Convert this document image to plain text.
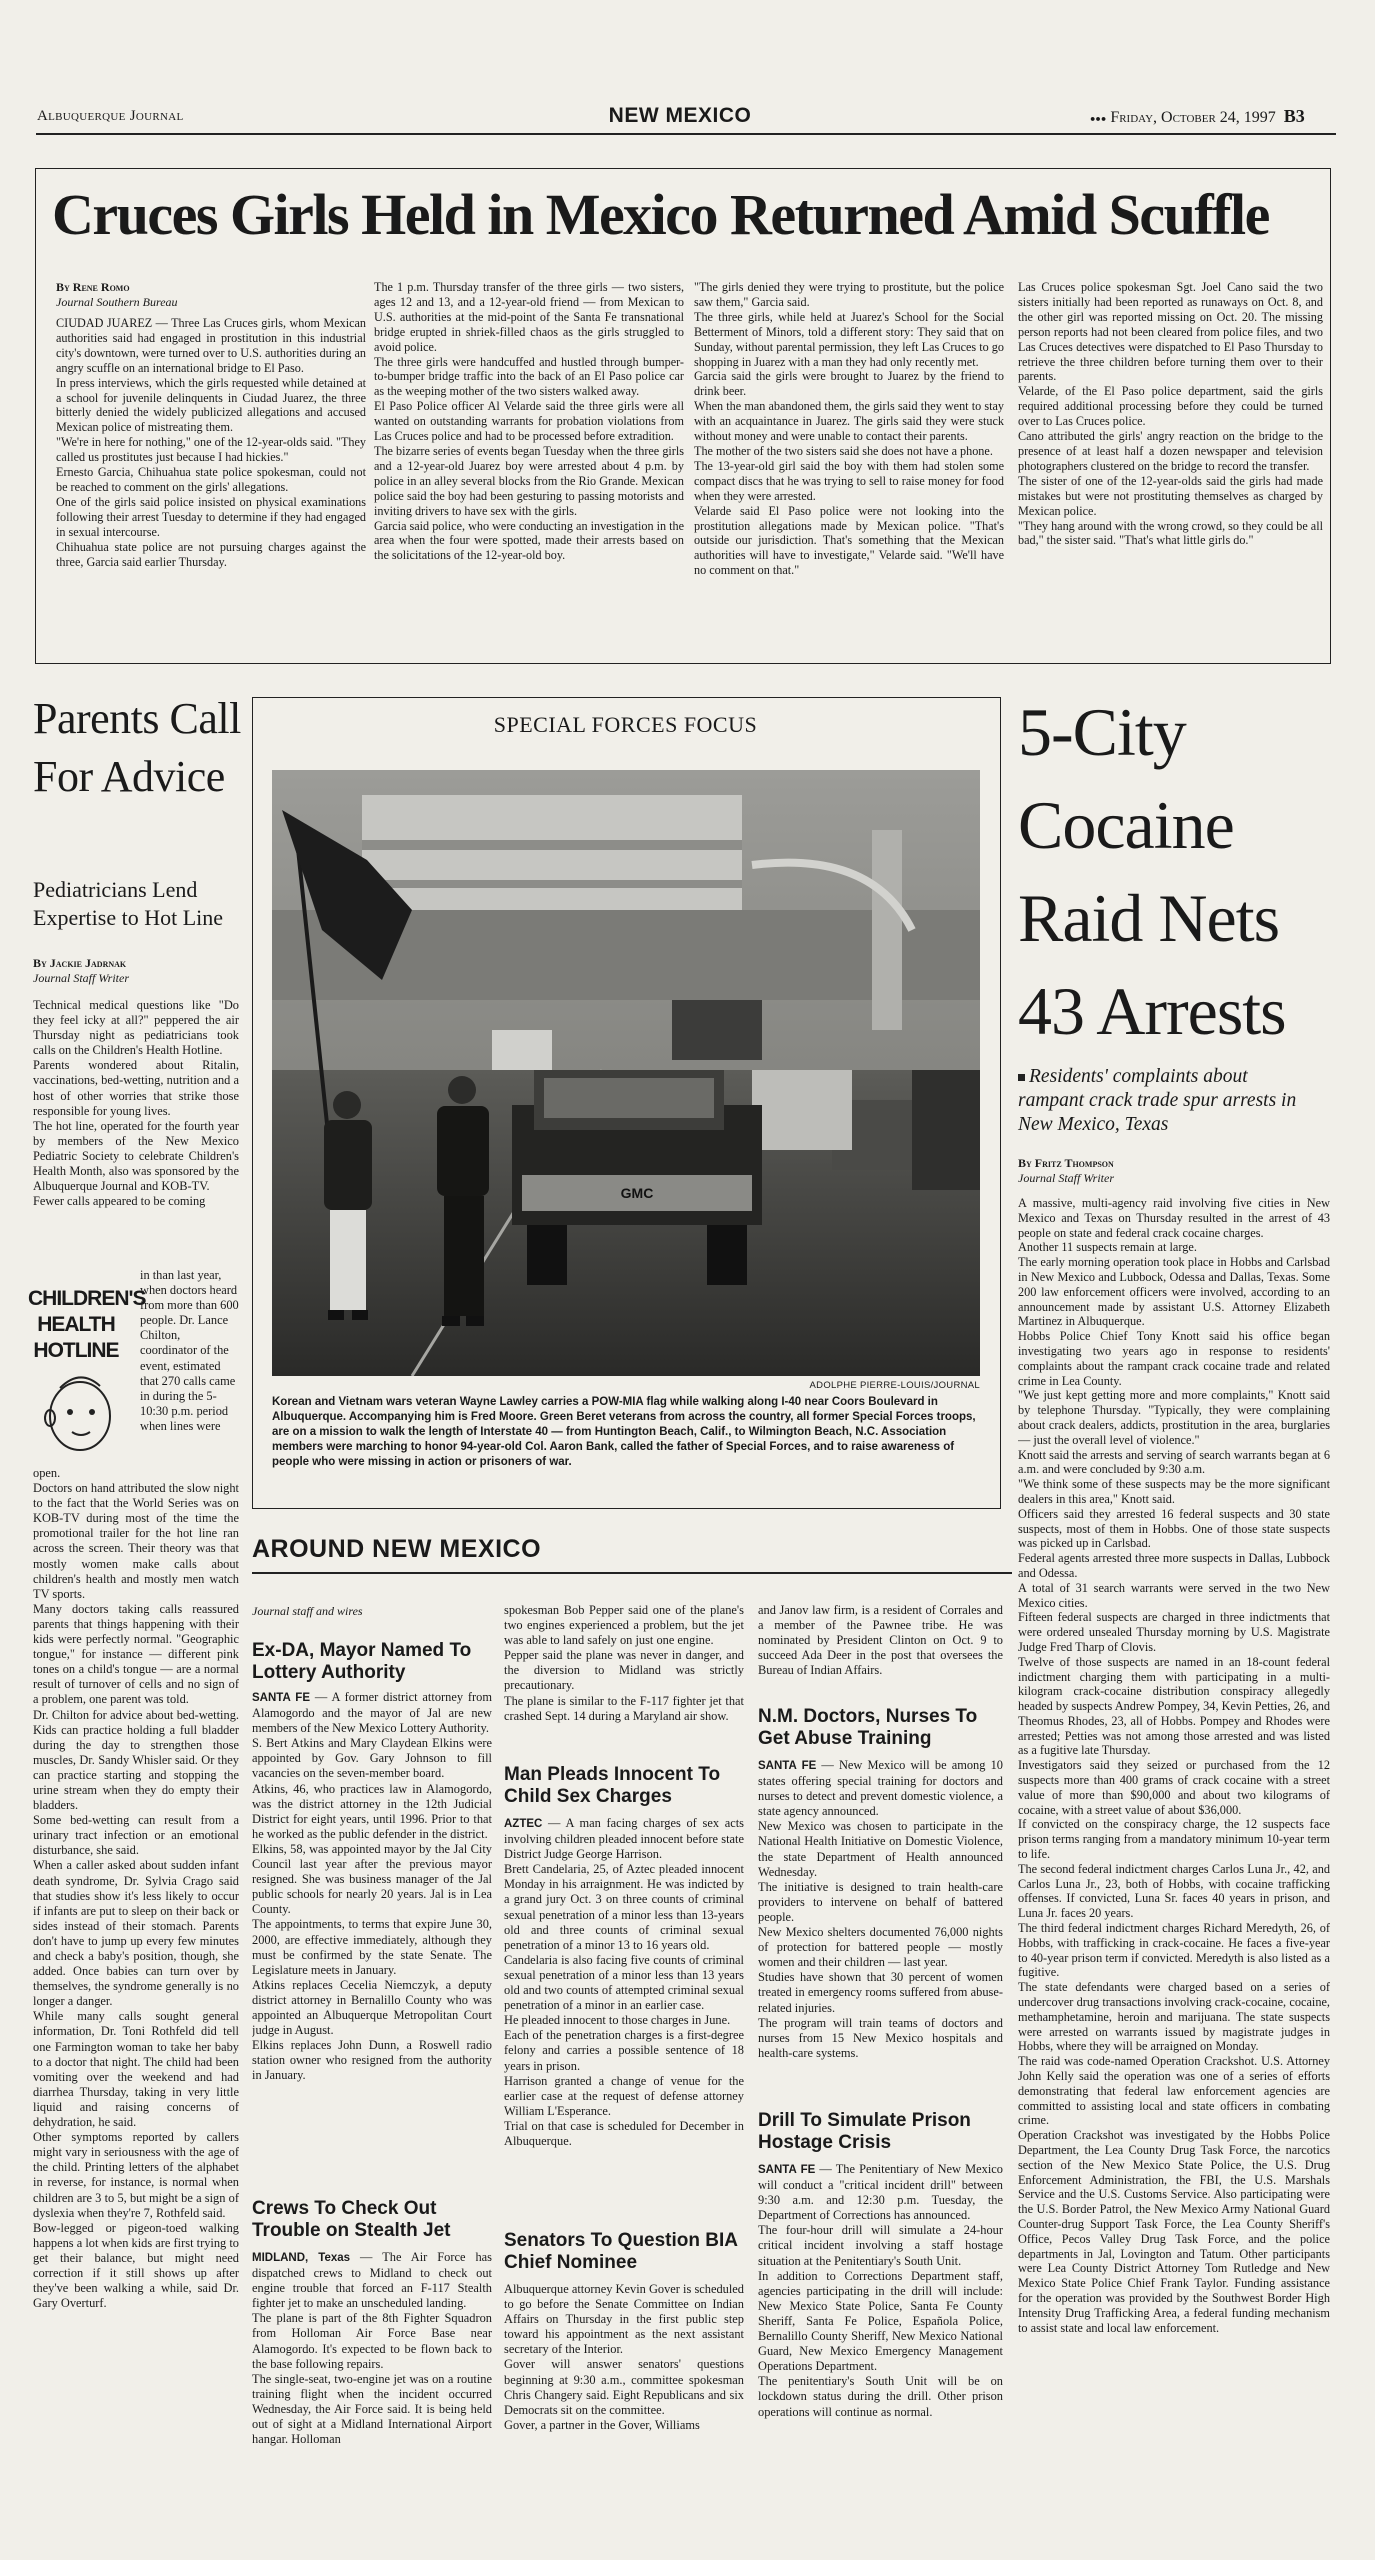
Albuquerque Journal	NEW MEXICO	●●● Friday, October 24, 1997 B3
Cruces Girls Held in Mexico Returned Amid Scuffle
By Rene Romo
Journal Southern Bureau
CIUDAD JUAREZ — Three Las Cruces girls, whom Mexican authorities said had engaged in prostitution in this industrial city's downtown, were turned over to U.S. authorities during an angry scuffle on an international bridge to El Paso.
In press interviews, which the girls requested while detained at a school for juvenile delinquents in Ciudad Juarez, the three bitterly denied the widely publicized allegations and accused Mexican police of mistreating them.
"We're in here for nothing," one of the 12-year-olds said. "They called us prostitutes just because I had hickies."
Ernesto Garcia, Chihuahua state police spokesman, could not be reached to comment on the girls' allegations.
One of the girls said police insisted on physical examinations following their arrest Tuesday to determine if they had engaged in sexual intercourse.
Chihuahua state police are not pursuing charges against the three, Garcia said earlier Thursday.
The 1 p.m. Thursday transfer of the three girls — two sisters, ages 12 and 13, and a 12-year-old friend — from Mexican to U.S. authorities at the mid-point of the Santa Fe transnational bridge erupted in shriek-filled chaos as the girls struggled to avoid police.
The three girls were handcuffed and hustled through bumper-to-bumper bridge traffic into the back of an El Paso police car as the weeping mother of the two sisters walked away.
El Paso Police officer Al Velarde said the three girls were all wanted on outstanding warrants for probation violations from Las Cruces police and had to be processed before extradition.
The bizarre series of events began Tuesday when the three girls and a 12-year-old Juarez boy were arrested about 4 p.m. by police in an alley several blocks from the Rio Grande. Mexican police said the boy had been gesturing to passing motorists and inviting drivers to have sex with the girls.
Garcia said police, who were conducting an investigation in the area when the four were spotted, made their arrests based on the solicitations of the 12-year-old boy.
"The girls denied they were trying to prostitute, but the police saw them," Garcia said.
The three girls, while held at Juarez's School for the Social Betterment of Minors, told a different story: They said that on Sunday, without parental permission, they left Las Cruces to go shopping in Juarez with a man they had only recently met.
Garcia said the girls were brought to Juarez by the friend to drink beer.
When the man abandoned them, the girls said they went to stay with an acquaintance in Juarez. The girls said they were stuck without money and were unable to contact their parents.
The mother of the two sisters said she does not have a phone.
The 13-year-old girl said the boy with them had stolen some compact discs that he was trying to sell to raise money for food when they were arrested.
Velarde said El Paso police were not looking into the prostitution allegations made by Mexican police. "That's outside our jurisdiction. That's something that the Mexican authorities will have to investigate," Velarde said. "We'll have no comment on that."
Las Cruces police spokesman Sgt. Joel Cano said the two sisters initially had been reported as runaways on Oct. 8, and the other girl was reported missing on Oct. 20. The missing person reports had not been cleared from police files, and two Las Cruces detectives were dispatched to El Paso Thursday to retrieve the three children before turning them over to their parents.
Velarde, of the El Paso police department, said the girls required additional processing before they could be turned over to Las Cruces police.
Cano attributed the girls' angry reaction on the bridge to the presence of at least half a dozen newspaper and television photographers clustered on the bridge to record the transfer.
The sister of one of the 12-year-olds said the girls had made mistakes but were not prostituting themselves as charged by Mexican police.
"They hang around with the wrong crowd, so they could be all bad," the sister said. "That's what little girls do."
Parents Call For Advice
Pediatricians Lend Expertise to Hot Line
By Jackie Jadrnak
Journal Staff Writer
Technical medical questions like "Do they feel icky at all?" peppered the air Thursday night as pediatricians took calls on the Children's Health Hotline.
Parents wondered about Ritalin, vaccinations, bed-wetting, nutrition and a host of other worries that strike those responsible for young lives.
The hot line, operated for the fourth year by members of the New Mexico Pediatric Society to celebrate Children's Health Month, also was sponsored by the Albuquerque Journal and KOB-TV.
Fewer calls appeared to be coming
CHILDREN'S HEALTH HOTLINE
in than last year, when doctors heard from more than 600 people. Dr. Lance Chilton, coordinator of the event, estimated that 270 calls came in during the 5-10:30 p.m. period when lines were
open.
Doctors on hand attributed the slow night to the fact that the World Series was on KOB-TV during most of the time the promotional trailer for the hot line ran across the screen. Their theory was that mostly women make calls about children's health and mostly men watch TV sports.
Many doctors taking calls reassured parents that things happening with their kids were perfectly normal. "Geographic tongue," for instance — different pink tones on a child's tongue — are a normal result of turnover of cells and no sign of a problem, one parent was told.
Dr. Chilton for advice about bed-wetting. Kids can practice holding a full bladder during the day to strengthen those muscles, Dr. Sandy Whisler said. Or they can practice starting and stopping the urine stream when they do empty their bladders.
Some bed-wetting can result from a urinary tract infection or an emotional disturbance, she said.
When a caller asked about sudden infant death syndrome, Dr. Sylvia Crago said that studies show it's less likely to occur if infants are put to sleep on their back or sides instead of their stomach. Parents don't have to jump up every few minutes and check a baby's position, though, she added. Once babies can turn over by themselves, the syndrome generally is no longer a danger.
While many calls sought general information, Dr. Toni Rothfeld did tell one Farmington woman to take her baby to a doctor that night. The child had been vomiting over the weekend and had diarrhea Thursday, taking in very little liquid and raising concerns of dehydration, he said.
Other symptoms reported by callers might vary in seriousness with the age of the child. Printing letters of the alphabet in reverse, for instance, is normal when children are 3 to 5, but might be a sign of dyslexia when they're 7, Rothfeld said.
Bow-legged or pigeon-toed walking happens a lot when kids are first trying to get their balance, but might need correction if it still shows up after they've been walking a while, said Dr. Gary Overturf.
SPECIAL FORCES FOCUS
GMC
ADOLPHE PIERRE-LOUIS/JOURNAL
Korean and Vietnam wars veteran Wayne Lawley carries a POW-MIA flag while walking along I-40 near Coors Boulevard in Albuquerque. Accompanying him is Fred Moore. Green Beret veterans from across the country, all former Special Forces troops, are on a mission to walk the length of Interstate 40 — from Huntington Beach, Calif., to Wilmington Beach, N.C. Association members were marching to honor 94-year-old Col. Aaron Bank, called the father of Special Forces, and to raise awareness of people who were missing in action or prisoners of war.
AROUND NEW MEXICO
Journal staff and wires
Ex-DA, Mayor Named To Lottery Authority
SANTA FE — A former district attorney from Alamogordo and the mayor of Jal are new members of the New Mexico Lottery Authority.
S. Bert Atkins and Mary Claydean Elkins were appointed by Gov. Gary Johnson to fill vacancies on the seven-member board.
Atkins, 46, who practices law in Alamogordo, was the district attorney in the 12th Judicial District for eight years, until 1996. Prior to that he worked as the public defender in the district.
Elkins, 58, was appointed mayor by the Jal City Council last year after the previous mayor resigned. She was business manager of the Jal public schools for nearly 20 years. Jal is in Lea County.
The appointments, to terms that expire June 30, 2000, are effective immediately, although they must be confirmed by the state Senate. The Legislature meets in January.
Atkins replaces Cecelia Niemczyk, a deputy district attorney in Bernalillo County who was appointed an Albuquerque Metropolitan Court judge in August.
Elkins replaces John Dunn, a Roswell radio station owner who resigned from the authority in January.
Crews To Check Out Trouble on Stealth Jet
MIDLAND, Texas — The Air Force has dispatched crews to Midland to check out engine trouble that forced an F-117 Stealth fighter jet to make an unscheduled landing.
The plane is part of the 8th Fighter Squadron from Holloman Air Force Base near Alamogordo. It's expected to be flown back to the base following repairs.
The single-seat, two-engine jet was on a routine training flight when the incident occurred Wednesday, the Air Force said. It is being held out of sight at a Midland International Airport hangar. Holloman
spokesman Bob Pepper said one of the plane's two engines experienced a problem, but the jet was able to land safely on just one engine.
Pepper said the plane was never in danger, and the diversion to Midland was strictly precautionary.
The plane is similar to the F-117 fighter jet that crashed Sept. 14 during a Maryland air show.
Man Pleads Innocent To Child Sex Charges
AZTEC — A man facing charges of sex acts involving children pleaded innocent before state District Judge George Harrison.
Brett Candelaria, 25, of Aztec pleaded innocent Monday in his arraignment. He was indicted by a grand jury Oct. 3 on three counts of criminal sexual penetration of a minor less than 13-years old and three counts of criminal sexual penetration of a minor 13 to 16 years old.
Candelaria is also facing five counts of criminal sexual penetration of a minor less than 13 years old and two counts of attempted criminal sexual penetration of a minor in an earlier case.
He pleaded innocent to those charges in June.
Each of the penetration charges is a first-degree felony and carries a possible sentence of 18 years in prison.
Harrison granted a change of venue for the earlier case at the request of defense attorney William L'Esperance.
Trial on that case is scheduled for December in Albuquerque.
Senators To Question BIA Chief Nominee
Albuquerque attorney Kevin Gover is scheduled to go before the Senate Committee on Indian Affairs on Thursday in the first public step toward his appointment as the next assistant secretary of the Interior.
Gover will answer senators' questions beginning at 9:30 a.m., committee spokesman Chris Changery said. Eight Republicans and six Democrats sit on the committee.
Gover, a partner in the Gover, Williams
and Janov law firm, is a resident of Corrales and a member of the Pawnee tribe. He was nominated by President Clinton on Oct. 9 to succeed Ada Deer in the post that oversees the Bureau of Indian Affairs.
N.M. Doctors, Nurses To Get Abuse Training
SANTA FE — New Mexico will be among 10 states offering special training for doctors and nurses to detect and prevent domestic violence, a state agency announced.
New Mexico was chosen to participate in the National Health Initiative on Domestic Violence, the state Department of Health announced Wednesday.
The initiative is designed to train health-care providers to intervene on behalf of battered people.
New Mexico shelters documented 76,000 nights of protection for battered people — mostly women and their children — last year.
Studies have shown that 30 percent of women treated in emergency rooms suffered from abuse-related injuries.
The program will train teams of doctors and nurses from 15 New Mexico hospitals and health-care systems.
Drill To Simulate Prison Hostage Crisis
SANTA FE — The Penitentiary of New Mexico will conduct a "critical incident drill" between 9:30 a.m. and 12:30 p.m. Tuesday, the Department of Corrections has announced.
The four-hour drill will simulate a 24-hour critical incident involving a staff hostage situation at the Penitentiary's South Unit.
In addition to Corrections Department staff, agencies participating in the drill will include: New Mexico State Police, Santa Fe County Sheriff, Santa Fe Police, Española Police, Bernalillo County Sheriff, New Mexico National Guard, New Mexico Emergency Management Operations Department.
The penitentiary's South Unit will be on lockdown status during the drill. Other prison operations will continue as normal.
5-City Cocaine Raid Nets 43 Arrests
Residents' complaints about rampant crack trade spur arrests in New Mexico, Texas
By Fritz Thompson
Journal Staff Writer
A massive, multi-agency raid involving five cities in New Mexico and Texas on Thursday resulted in the arrest of 43 people on state and federal crack cocaine charges.
Another 11 suspects remain at large.
The early morning operation took place in Hobbs and Carlsbad in New Mexico and Lubbock, Odessa and Dallas, Texas. Some 200 law enforcement officers were involved, according to an announcement made by assistant U.S. Attorney Elizabeth Martinez in Albuquerque.
Hobbs Police Chief Tony Knott said his office began investigating two years ago in response to residents' complaints about the rampant crack cocaine trade and related crime in Lea County.
"We just kept getting more and more complaints," Knott said by telephone Thursday. "Typically, they were complaining about crack dealers, addicts, prostitution in the area, burglaries — just the overall level of violence."
Knott said the arrests and serving of search warrants began at 6 a.m. and were concluded by 9:30 a.m.
"We think some of these suspects may be the more significant dealers in this area," Knott said.
Officers said they arrested 16 federal suspects and 30 state suspects, most of them in Hobbs. One of those state suspects was picked up in Carlsbad.
Federal agents arrested three more suspects in Dallas, Lubbock and Odessa.
A total of 31 search warrants were served in the two New Mexico cities.
Fifteen federal suspects are charged in three indictments that were ordered unsealed Thursday morning by U.S. Magistrate Judge Fred Tharp of Clovis.
Twelve of those suspects are named in an 18-count federal indictment charging them with participating in a multi-kilogram crack-cocaine distribution conspiracy allegedly headed by suspects Andrew Pompey, 34, Kevin Petties, 26, and Theomus Rhodes, 23, all of Hobbs. Pompey and Rhodes were arrested; Petties was not among those arrested and was listed as a fugitive late Thursday.
Investigators said they seized or purchased from the 12 suspects more than 400 grams of crack cocaine with a street value of more than $90,000 and about two kilograms of cocaine, with a street value of about $36,000.
If convicted on the conspiracy charge, the 12 suspects face prison terms ranging from a mandatory minimum 10-year term to life.
The second federal indictment charges Carlos Luna Jr., 42, and Carlos Luna Jr., 23, both of Hobbs, with cocaine trafficking offenses. If convicted, Luna Sr. faces 40 years in prison, and Luna Jr. faces 20 years.
The third federal indictment charges Richard Meredyth, 26, of Hobbs, with trafficking in crack-cocaine. He faces a five-year to 40-year prison term if convicted. Meredyth is also listed as a fugitive.
The state defendants were charged based on a series of undercover drug transactions involving crack-cocaine, cocaine, methamphetamine, heroin and marijuana. The state suspects were arrested on warrants issued by magistrate judges in Hobbs, where they will be arraigned on Monday.
The raid was code-named Operation Crackshot. U.S. Attorney John Kelly said the operation was one of a series of efforts demonstrating that federal law enforcement agencies are committed to assisting local and state officers in combating crime.
Operation Crackshot was investigated by the Hobbs Police Department, the Lea County Drug Task Force, the narcotics section of the New Mexico State Police, the U.S. Drug Enforcement Administration, the FBI, the U.S. Marshals Service and the U.S. Customs Service. Also participating were the U.S. Border Patrol, the New Mexico Army National Guard Counter-drug Support Task Force, the Lea County Sheriff's Office, Pecos Valley Drug Task Force, and the police departments in Jal, Lovington and Tatum. Other participants were Lea County District Attorney Tom Rutledge and New Mexico State Police Chief Frank Taylor. Funding assistance for the operation was provided by the Southwest Border High Intensity Drug Trafficking Area, a federal funding mechanism to assist state and local law enforcement.
